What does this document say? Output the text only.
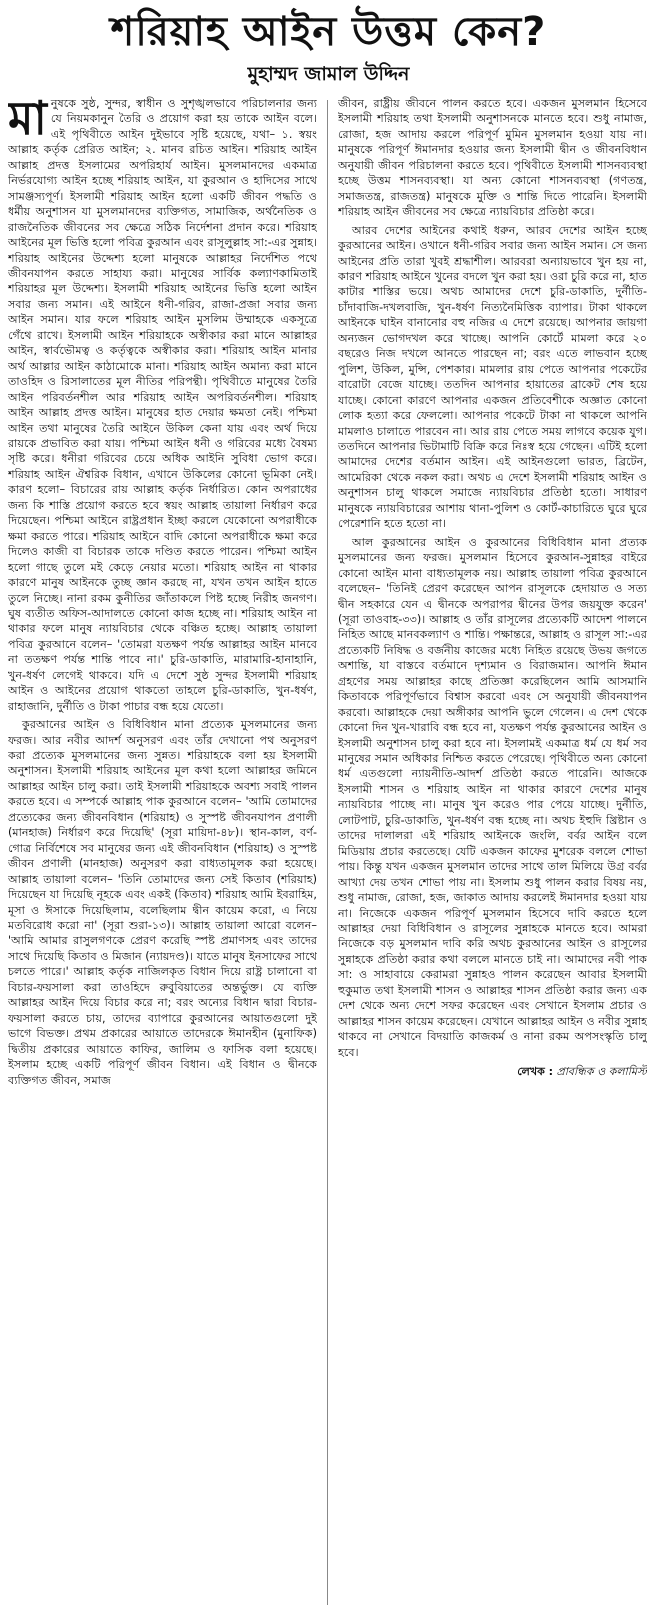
শরিয়াহ আইন উত্তম কেন?
মুহাম্মদ জামাল উদ্দিন

মানুষকে সুষ্ঠ, সুন্দর, স্বাধীন ও সুশৃঙ্খলভাবে পরিচালনার জন্য যে নিয়মকানুন তৈরি ও প্রয়োগ করা হয় তাকে আইন বলে। এই পৃথিবীতে আইন দুইভাবে সৃষ্টি হয়েছে, যথা– ১. স্বয়ং আল্লাহ কর্তৃক প্রেরিত আইন; ২. মানব রচিত আইন। শরিয়াহ আইন আল্লাহ প্রদত্ত ইসলামের অপরিহার্য আইন। মুসলমানদের একমাত্র নির্ভরযোগ্য আইন হচ্ছে শরিয়াহ আইন, যা কুরআন ও হাদিসের সাথে সামঞ্জস্যপূর্ণ। ইসলামী শরিয়াহ আইন হলো একটি জীবন পদ্ধতি ও ধর্মীয় অনুশাসন যা মুসলমানদের ব্যক্তিগত, সামাজিক, অর্থনৈতিক ও রাজনৈতিক জীবনের সব ক্ষেত্রে সঠিক নির্দেশনা প্রদান করে। শরিয়াহ আইনের মূল ভিত্তি হলো পবিত্র কুরআন এবং রাসূলুল্লাহ সা:-এর সুন্নাহ। শরিয়াহ আইনের উদ্দেশ্য হলো মানুষকে আল্লাহর নির্দেশিত পথে জীবনযাপন করতে সাহায্য করা। মানুষের সার্বিক কল্যাণকামিতাই শরিয়াহর মূল উদ্দেশ্য। ইসলামী শরিয়াহ আইনের ভিত্তি হলো আইন সবার জন্য সমান। এই আইনে ধনী-গরিব, রাজা-প্রজা সবার জন্য আইন সমান। যার ফলে শরিয়াহ আইন মুসলিম উম্মাহকে একসূত্রে গেঁথে রাখে। ইসলামী আইন শরিয়াহকে অস্বীকার করা মানে আল্লাহর আইন, স্বার্বভৌমত্ব ও কর্তৃত্বকে অস্বীকার করা। শরিয়াহ আইন মানার অর্থ আল্লার আইন কাঠামোকে মানা। শরিয়াহ আইন অমান্য করা মানে তাওহিদ ও রিসালাতের মূল নীতির পরিপন্থী। পৃথিবীতে মানুষের তৈরি আইন পরিবর্তনশীল আর শরিয়াহ আইন অপরিবর্তনশীল। শরিয়াহ আইন আল্লাহ প্রদত্ত আইন। মানুষের হাত দেয়ার ক্ষমতা নেই। পশ্চিমা আইন তথা মানুষের তৈরি আইনে উকিল কেনা যায় এবং অর্থ দিয়ে রায়কে প্রভাবিত করা যায়। পশ্চিমা আইন ধনী ও গরিবের মধ্যে বৈষম্য সৃষ্টি করে। ধনীরা গরিবের চেয়ে অধিক আইনি সুবিধা ভোগ করে। শরিয়াহ আইন ঐশ্বরিক বিধান, এখানে উকিলের কোনো ভূমিকা নেই। কারণ হলো– বিচারের রায় আল্লাহ কর্তৃক নির্ধারিত। কোন অপরাধের জন্য কি শাস্তি প্রয়োগ করতে হবে স্বয়ং আল্লাহ তায়ালা নির্ধারণ করে দিয়েছেন। পশ্চিমা আইনে রাষ্ট্রপ্রধান ইচ্ছা করলে যেকোনো অপরাধীকে ক্ষমা করতে পারে। শরিয়াহ আইনে বাদি কোনো অপরাধীকে ক্ষমা করে দিলেও কাজী বা বিচারক তাকে দণ্ডিত করতে পারেন। পশ্চিমা আইন হলো গাছে তুলে মই কেড়ে নেয়ার মতো। শরিয়াহ আইন না থাকার কারণে মানুষ আইনকে তুচ্ছ জ্ঞান করছে না, যখন তখন আইন হাতে তুলে নিচ্ছে। নানা রকম কুনীতির জাঁতাকলে পিষ্ট হচ্ছে নিরীহ জনগণ। ঘুষ ব্যতীত অফিস-আদালতে কোনো কাজ হচ্ছে না। শরিয়াহ আইন না থাকার ফলে মানুষ ন্যায়বিচার থেকে বঞ্চিত হচ্ছে। আল্লাহ তায়ালা পবিত্র কুরআনে বলেন– 'তোমরা যতক্ষণ পর্যন্ত আল্লাহর আইন মানবে না ততক্ষণ পর্যন্ত শান্তি পাবে না।' চুরি-ডাকাতি, মারামারি-হানাহানি, খুন-ধর্ষণ লেগেই থাকবে। যদি এ দেশে সুষ্ঠ সুন্দর ইসলামী শরিয়াহ আইন ও আইনের প্রয়োগ থাকতো তাহলে চুরি-ডাকাতি, খুন-ধর্ষণ, রাহাজানি, দুর্নীতি ও টাকা পাচার বন্ধ হয়ে যেতো।

কুরআনের আইন ও বিধিবিধান মানা প্রত্যেক মুসলমানের জন্য ফরজ। আর নবীর আদর্শ অনুসরণ এবং তাঁর দেখানো পথ অনুসরণ করা প্রত্যেক মুসলমানের জন্য সুন্নত। শরিয়াহকে বলা হয় ইসলামী অনুশাসন। ইসলামী শরিয়াহ আইনের মূল কথা হলো আল্লাহর জমিনে আল্লাহর আইন চালু করা। তাই ইসলামী শরিয়াহকে অবশ্য সবাই পালন করতে হবে। এ সম্পর্কে আল্লাহ পাক কুরআনে বলেন– 'আমি তোমাদের প্রত্যেকের জন্য জীবনবিধান (শরিয়াহ) ও সুস্পষ্ট জীবনযাপন প্রণালী (মানহাজ) নির্ধারণ করে দিয়েছি' (সূরা মায়িদা-৪৮)। স্থান-কাল, বর্ণ-গোত্র নির্বিশেষে সব মানুষের জন্য এই জীবনবিধান (শরিয়াহ) ও সুস্পষ্ট জীবন প্রণালী (মানহাজ) অনুসরণ করা বাধ্যতামূলক করা হয়েছে। আল্লাহ তায়ালা বলেন– 'তিনি তোমাদের জন্য সেই কিতাব (শরিয়াহ) দিয়েছেন যা দিয়েছি নূহকে এবং একই (কিতাব) শরিয়াহ আমি ইবরাহিম, মূসা ও ঈসাকে দিয়েছিলাম, বলেছিলাম দ্বীন কায়েম করো, এ নিয়ে মতবিরোধ করো না' (সূরা শুরা-১৩)। আল্লাহ তায়ালা আরো বলেন– 'আমি আমার রাসুলগণকে প্রেরণ করেছি স্পষ্ট প্রমাণসহ এবং তাদের সাথে দিয়েছি কিতাব ও মিজান (ন্যায়দণ্ড)। যাতে মানুষ ইনসাফের সাথে চলতে পারে।' আল্লাহ কর্তৃক নাজিলকৃত বিধান দিয়ে রাষ্ট্র চালানো বা বিচার-ফয়সালা করা তাওহিদে রুবুবিয়াতের অন্তর্ভুক্ত। যে ব্যক্তি আল্লাহর আইন দিয়ে বিচার করে না; বরং অন্যের বিধান দ্বারা বিচার-ফয়সালা করতে চায়, তাদের ব্যাপারে কুরআনের আয়াতগুলো দুই ভাগে বিভক্ত। প্রথম প্রকারের আয়াতে তাদেরকে ঈমানহীন (মুনাফিক) দ্বিতীয় প্রকারের আয়াতে কাফির, জালিম ও ফাসিক বলা হয়েছে। ইসলাম হচ্ছে একটি পরিপূর্ণ জীবন বিধান। এই বিধান ও দ্বীনকে ব্যক্তিগত জীবন, সমাজ

জীবন, রাষ্ট্রীয় জীবনে পালন করতে হবে। একজন মুসলমান হিসেবে ইসলামী শরিয়াহ তথা ইসলামী অনুশাসনকে মানতে হবে। শুধু নামাজ, রোজা, হজ আদায় করলে পরিপূর্ণ মুমিন মুসলমান হওয়া যায় না। মানুষকে পরিপূর্ণ ঈমানদার হওয়ার জন্য ইসলামী দ্বীন ও জীবনবিধান অনুযায়ী জীবন পরিচালনা করতে হবে। পৃথিবীতে ইসলামী শাসনব্যবস্থা হচ্ছে উত্তম শাসনব্যবস্থা। যা অন্য কোনো শাসনব্যবস্থা (গণতন্ত্র, সমাজতন্ত্র, রাজতন্ত্র) মানুষকে মুক্তি ও শান্তি দিতে পারেনি। ইসলামী শরিয়াহ আইন জীবনের সব ক্ষেত্রে ন্যায়বিচার প্রতিষ্ঠা করে।

আরব দেশের আইনের কথাই ধরুন, আরব দেশের আইন হচ্ছে কুরআনের আইন। ওখানে ধনী-গরিব সবার জন্য আইন সমান। সে জন্য আইনের প্রতি তারা খুবই শ্রদ্ধাশীল। আরবরা অন্যায়ভাবে খুন হয় না, কারণ শরিয়াহ আইনে খুনের বদলে খুন করা হয়। ওরা চুরি করে না, হাত কাটার শাস্তির ভয়ে। অথচ আমাদের দেশে চুরি-ডাকাতি, দুর্নীতি-চাঁদাবাজি-দখলবাজি, খুন-ধর্ষণ নিত্যনৈমিত্তিক ব্যাপার। টাকা থাকলে আইনকে ঘাইন বানানোর বহু নজির এ দেশে রয়েছে। আপনার জায়গা অন্যজন ভোগদখল করে খাচ্ছে। আপনি কোর্টে মামলা করে ২০ বছরেও নিজ দখলে আনতে পারছেন না; বরং এতে লাভবান হচ্ছে পুলিশ, উকিল, মুন্সি, পেশকার। মামলার রায় পেতে আপনার পকেটের বারোটা বেজে যাচ্ছে। ততদিন আপনার হায়াতের ব্রাকেট শেষ হয়ে যাচ্ছে। কোনো কারণে আপনার একজন প্রতিবেশীকে অজ্ঞাত কোনো লোক হত্যা করে ফেললো। আপনার পকেটে টাকা না থাকলে আপনি মামলাও চালাতে পারবেন না। আর রায় পেতে সময় লাগবে কয়েক যুগ। ততদিনে আপনার ভিটামাটি বিক্রি করে নিঃস্ব হয়ে গেছেন। এটিই হলো আমাদের দেশের বর্তমান আইন। এই আইনগুলো ভারত, ব্রিটেন, আমেরিকা থেকে নকল করা। অথচ এ দেশে ইসলামী শরিয়াহ আইন ও অনুশাসন চালু থাকলে সমাজে ন্যায়বিচার প্রতিষ্ঠা হতো। সাধারণ মানুষকে ন্যায়বিচারের আশায় থানা-পুলিশ ও কোর্ট-কাচারিতে ঘুরে ঘুরে পেরেশানি হতে হতো না।

আল কুরআনের আইন ও কুরআনের বিধিবিধান মানা প্রত্যক মুসলমানের জন্য ফরজ। মুসলমান হিসেবে কুরআন-সুন্নাহর বাইরে কোনো আইন মানা বাধ্যতামূলক নয়। আল্লাহ তায়ালা পবিত্র কুরআনে বলেছেন– 'তিনিই প্রেরণ করেছেন আপন রাসূলকে হেদায়াত ও সত্য দ্বীন সহকারে যেন এ দ্বীনকে অপরাপর দ্বীনের উপর জয়যুক্ত করেন' (সূরা তাওবাহ-৩৩)। আল্লাহ ও তাঁর রাসূলের প্রত্যেকটি আদেশ পালনে নিহিত আছে মানবকল্যাণ ও শান্তি। পক্ষান্তরে, আল্লাহ ও রাসূল সা:-এর প্রত্যেকটি নিষিদ্ধ ও বর্জনীয় কাজের মধ্যে নিহিত রয়েছে উভয় জগতে অশান্তি, যা বাস্তবে বর্তমানে দৃশ্যমান ও বিরাজমান। আপনি ঈমান গ্রহণের সময় আল্লাহর কাছে প্রতিজ্ঞা করেছিলেন আমি আসমানি কিতাবকে পরিপূর্ণভাবে বিশ্বাস করবো এবং সে অনুযায়ী জীবনযাপন করবো। আল্লাহকে দেয়া অঙ্গীকার আপনি ভুলে গেলেন। এ দেশ থেকে কোনো দিন খুন-খারাবি বন্ধ হবে না, যতক্ষণ পর্যন্ত কুরআনের আইন ও ইসলামী অনুশাসন চালু করা হবে না। ইসলামই একমাত্র ধর্ম যে ধর্ম সব মানুষের সমান অধিকার নিশ্চিত করতে পেরেছে। পৃথিবীতে অন্য কোনো ধর্ম এতগুলো ন্যায়নীতি-আদর্শ প্রতিষ্ঠা করতে পারেনি। আজকে ইসলামী শাসন ও শরিয়াহ আইন না থাকার কারণে দেশের মানুষ ন্যায়বিচার পাচ্ছে না। মানুষ খুন করেও পার পেয়ে যাচ্ছে। দুর্নীতি, লোটপাট, চুরি-ডাকাতি, খুন-ধর্ষণ বন্ধ হচ্ছে না। অথচ ইহুদি খ্রিষ্টান ও তাদের দালালরা এই শরিয়াহ আইনকে জংলি, বর্বর আইন বলে মিডিয়ায় প্রচার করতেছে। যেটি একজন কাফের মুশরেক বললে শোভা পায়। কিন্তু যখন একজন মুসলমান তাদের সাথে তাল মিলিয়ে উগ্র বর্বর আখ্যা দেয় তখন শোভা পায় না। ইসলাম শুধু পালন করার বিষয় নয়, শুধু নামাজ, রোজা, হজ, জাকাত আদায় করলেই ঈমানদার হওয়া যায় না। নিজেকে একজন পরিপূর্ণ মুসলমান হিসেবে দাবি করতে হলে আল্লাহর দেয়া বিধিবিধান ও রাসূলের সুন্নাহকে মানতে হবে। আমরা নিজেকে বড় মুসলমান দাবি করি অথচ কুরআনের আইন ও রাসূলের সুন্নাহকে প্রতিষ্ঠা করার কথা বললে মানতে চাই না। আমাদের নবী পাক সা: ও সাহাবায়ে কেরামরা সুন্নাহও পালন করেছেন আবার ইসলামী হুকুমাত তথা ইসলামী শাসন ও আল্লাহর শাসন প্রতিষ্ঠা করার জন্য এক দেশ থেকে অন্য দেশে সফর করেছেন এবং সেখানে ইসলাম প্রচার ও আল্লাহর শাসন কায়েম করেছেন। যেখানে আল্লাহর আইন ও নবীর সুন্নাহ থাকবে না সেখানে বিদয়াতি কাজকর্ম ও নানা রকম অপসংস্কৃতি চালু হবে।

লেখক : প্রাবন্ধিক ও কলামিস্ট
